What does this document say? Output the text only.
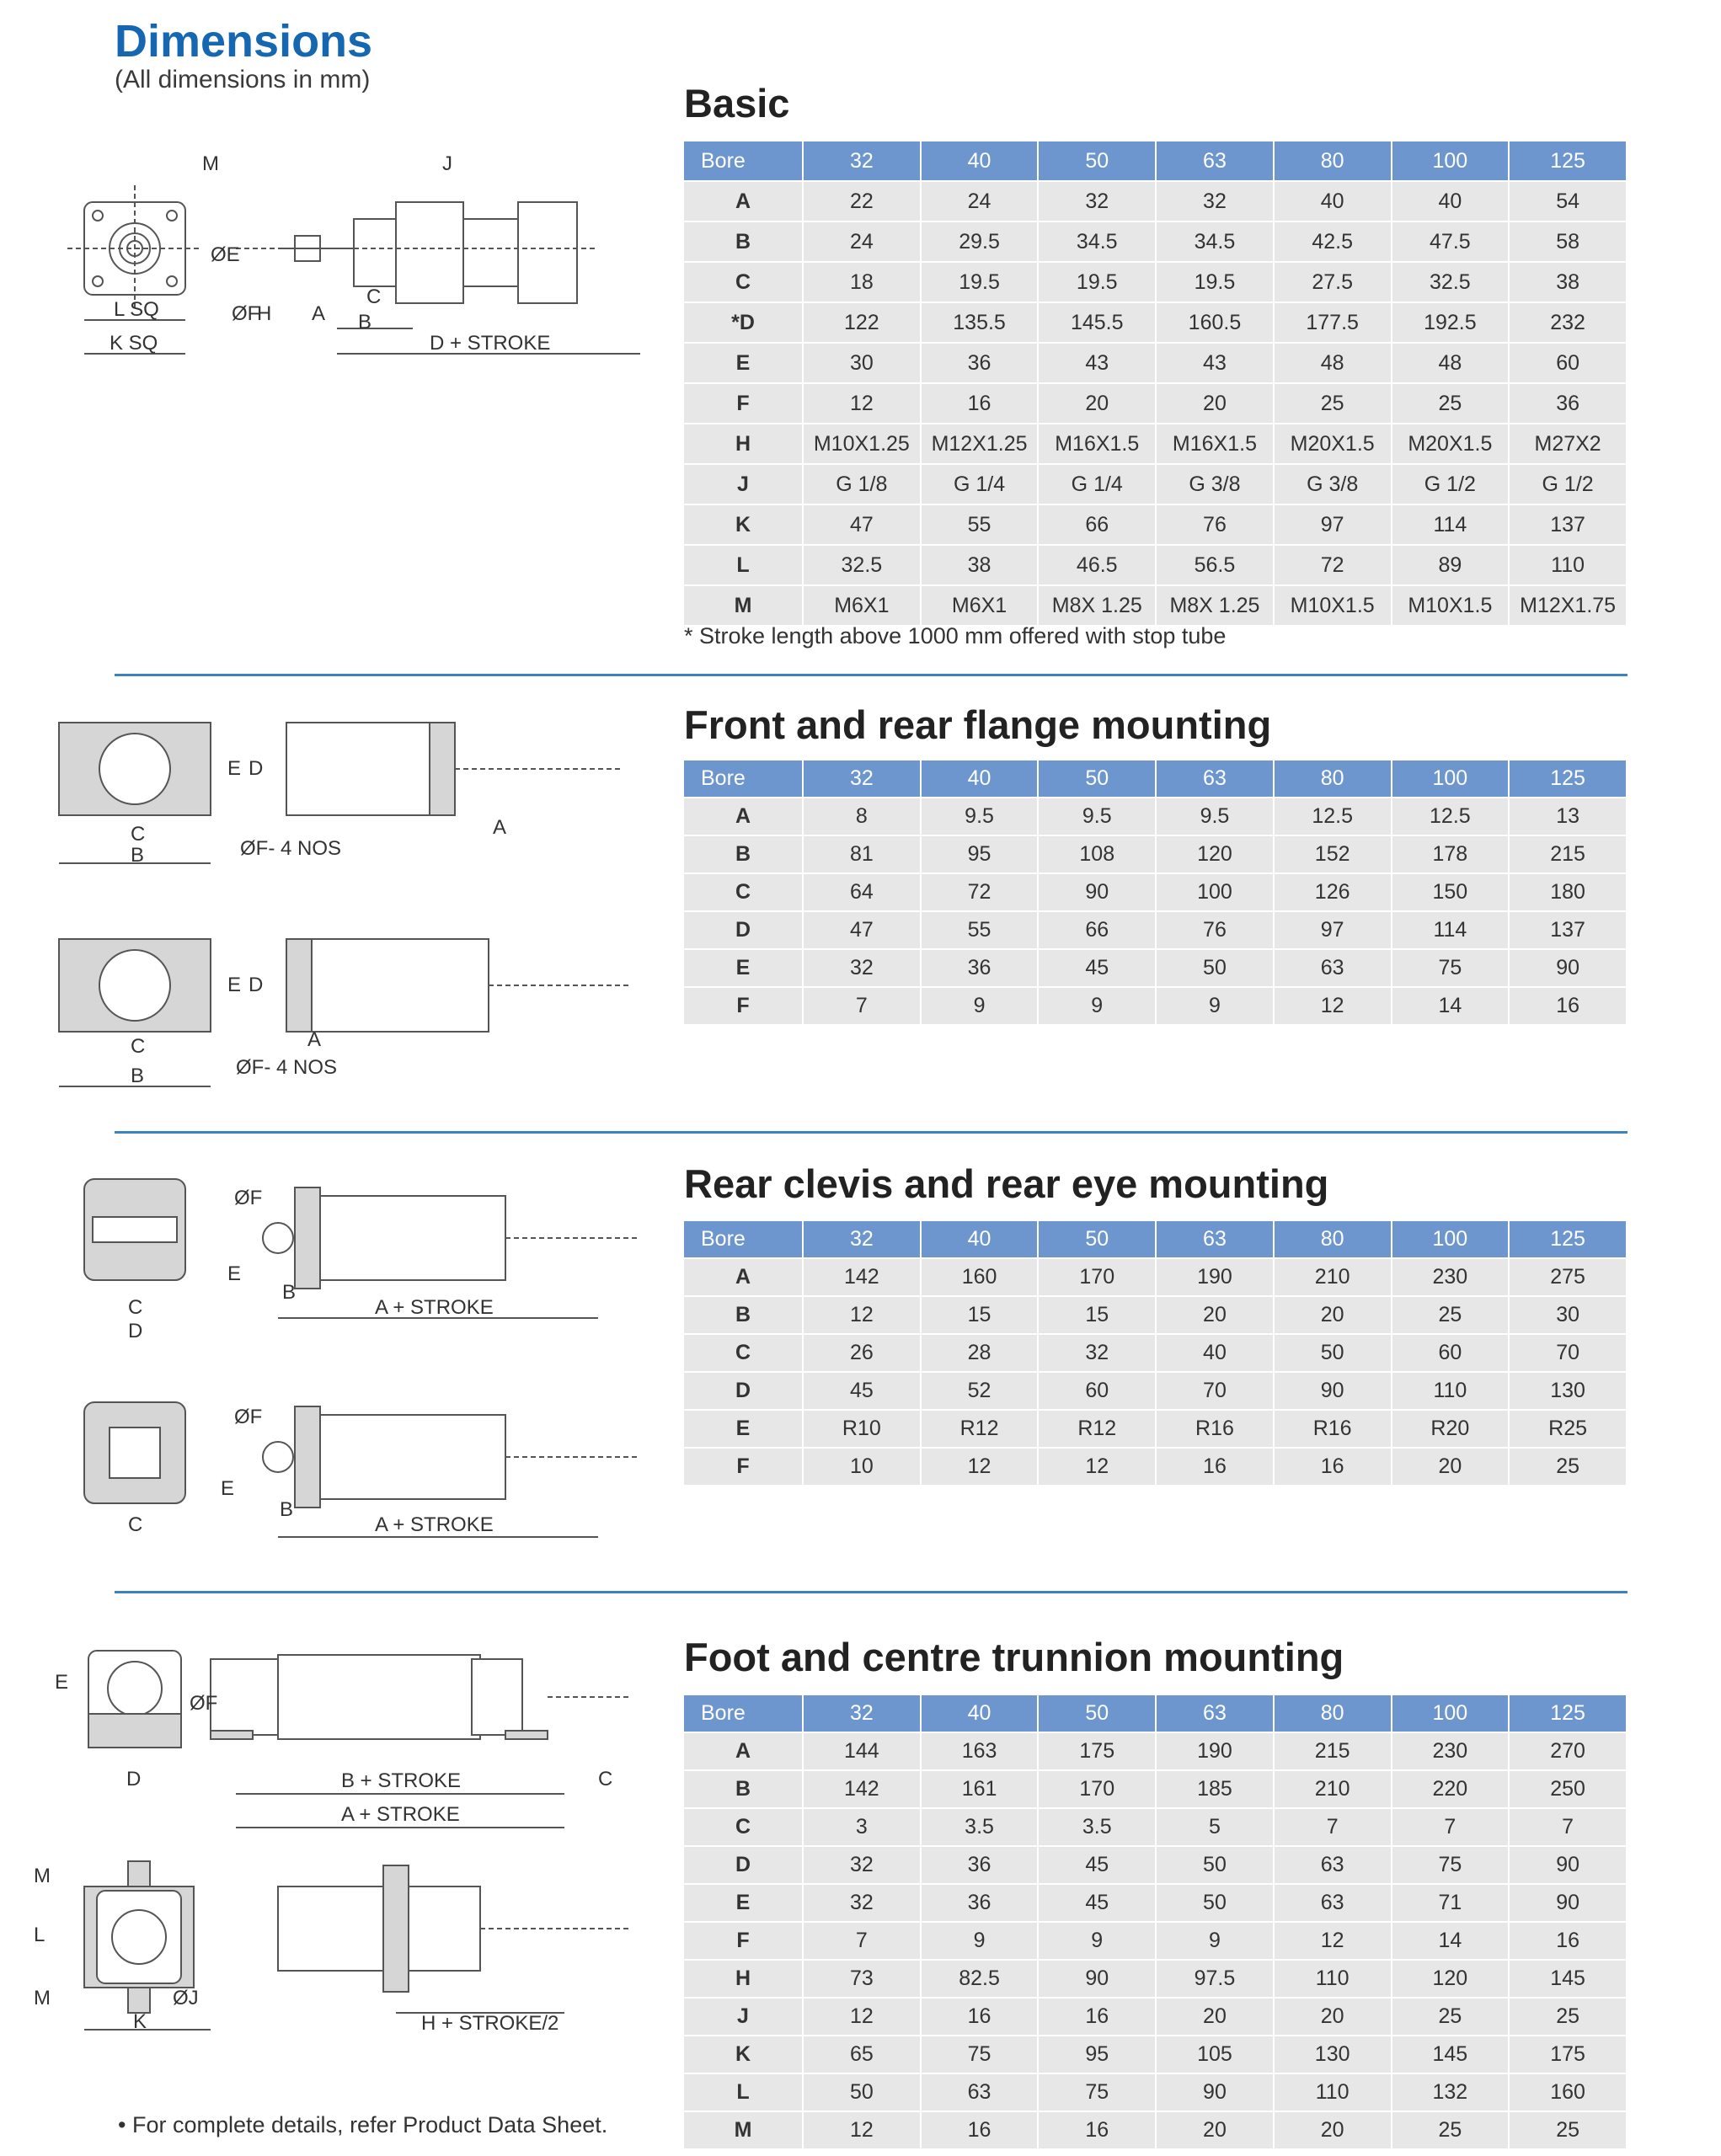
Dimensions
(All dimensions in mm)
Basic
Bore	32	40	50	63	80	100	125
A	22	24	32	32	40	40	54
B	24	29.5	34.5	34.5	42.5	47.5	58
C	18	19.5	19.5	19.5	27.5	32.5	38
*D	122	135.5	145.5	160.5	177.5	192.5	232
E	30	36	43	43	48	48	60
F	12	16	20	20	25	25	36
H	M10X1.25	M12X1.25	M16X1.5	M16X1.5	M20X1.5	M20X1.5	M27X2
J	G 1/8	G 1/4	G 1/4	G 3/8	G 3/8	G 1/2	G 1/2
K	47	55	66	76	97	114	137
L	32.5	38	46.5	56.5	72	89	110
M	M6X1	M6X1	M8X 1.25	M8X 1.25	M10X1.5	M10X1.5	M12X1.75
* Stroke length above 1000 mm offered with stop tube
M	J
ØE
ØF
H A
C
B
L SQ
K SQ	D + STROKE
Front and rear flange mounting
Bore	32	40	50	63	80	100	125
A	8	9.5	9.5	9.5	12.5	12.5	13
B	81	95	108	120	152	178	215
C	64	72	90	100	126	150	180
D	47	55	66	76	97	114	137
E	32	36	45	50	63	75	90
F	7	9	9	9	12	14	16
E D
C
B
A
ØF- 4 NOS
E D
C
B
A
ØF- 4 NOS
Rear clevis and rear eye mounting
Bore	32	40	50	63	80	100	125
A	142	160	170	190	210	230	275
B	12	15	15	20	20	25	30
C	26	28	32	40	50	60	70
D	45	52	60	70	90	110	130
E	R10	R12	R12	R16	R16	R20	R25
F	10	12	12	16	16	20	25
ØF
E
B
A + STROKE
C
D
ØF
E
B
A + STROKE
C
Foot and centre trunnion mounting
Bore	32	40	50	63	80	100	125
A	144	163	175	190	215	230	270
B	142	161	170	185	210	220	250
C	3	3.5	3.5	5	7	7	7
D	32	36	45	50	63	75	90
E	32	36	45	50	63	71	90
F	7	9	9	9	12	14	16
H	73	82.5	90	97.5	110	120	145
J	12	16	16	20	20	25	25
K	65	75	95	105	130	145	175
L	50	63	75	90	110	132	160
M	12	16	16	20	20	25	25
E
ØF
D	C
B + STROKE
A + STROKE
M
L
M	ØJ
K	H + STROKE/2
• For complete details, refer Product Data Sheet.
